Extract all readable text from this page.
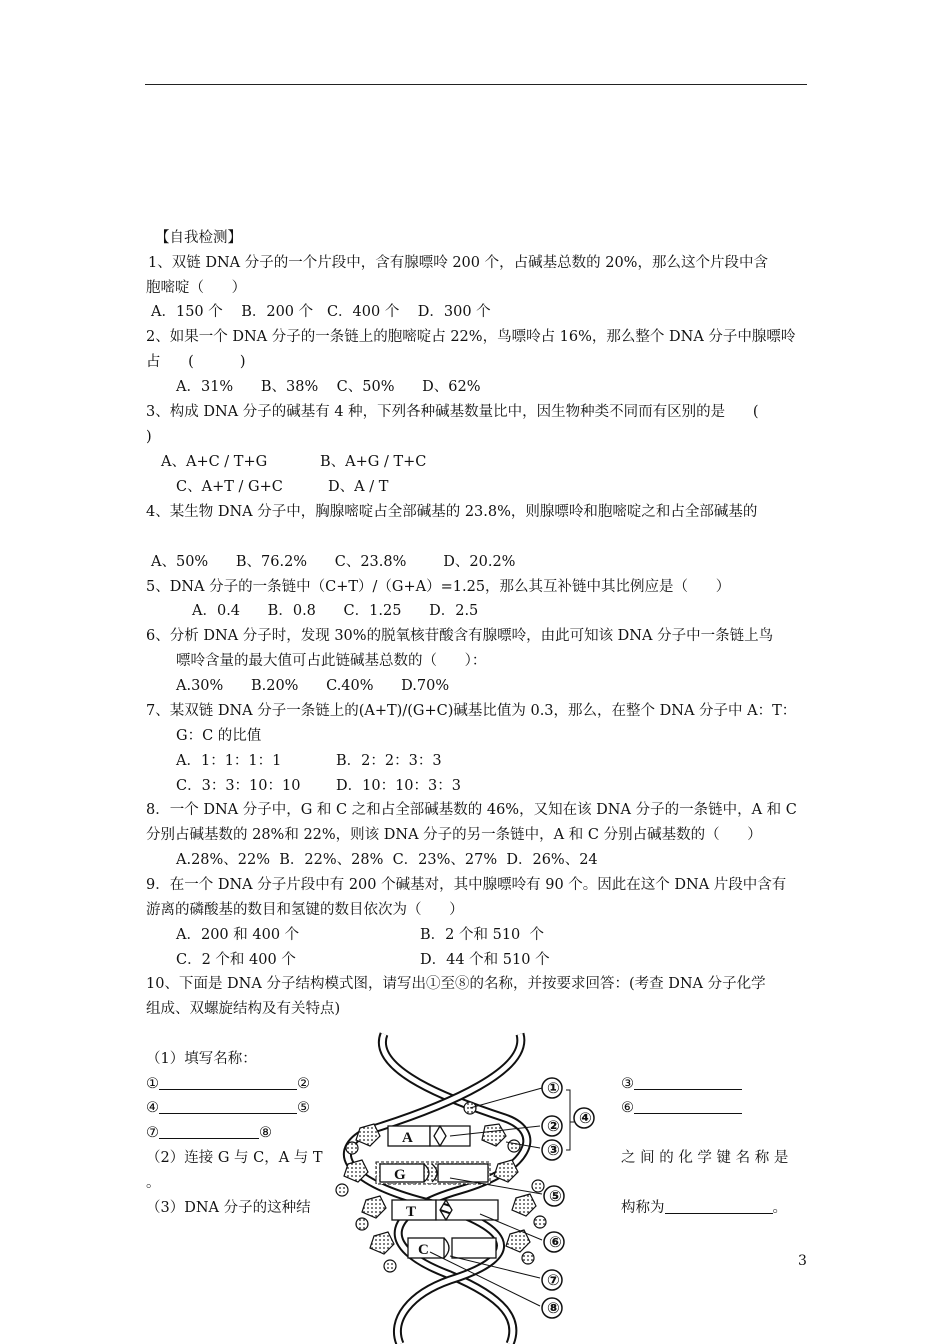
【自我检测】
1、双链 DNA 分子的一个片段中，含有腺嘌呤 200 个，占碱基总数的 20%，那么这个片段中含
胞嘧啶（      ）
A．150 个    B．200 个   C．400 个    D．300 个
2、如果一个 DNA 分子的一条链上的胞嘧啶占 22%，鸟嘌呤占 16%，那么整个 DNA 分子中腺嘌呤
占      (          )
A．31%      B、38%    C、50%      D、62%
3、构成 DNA 分子的碱基有 4 种，下列各种碱基数量比中，因生物种类不同而有区别的是      (
)
A、A+C / T+G	B、A+G / T+C
C、A+T / G+C	D、A / T
4、某生物 DNA 分子中，胸腺嘧啶占全部碱基的 23.8%，则腺嘌呤和胞嘧啶之和占全部碱基的
A、50%      B、76.2%      C、23.8%        D、20.2%
5、DNA 分子的一条链中（C+T）/（G+A）=1.25，那么其互补链中其比例应是（      ）
A．0.4      B．0.8      C．1.25      D．2.5
6、分析 DNA 分子时，发现 30%的脱氧核苷酸含有腺嘌呤，由此可知该 DNA 分子中一条链上鸟
嘌呤含量的最大值可占此链碱基总数的（      ）：
A.30%      B.20%      C.40%      D.70%
7、某双链 DNA 分子一条链上的(A+T)/(G+C)碱基比值为 0.3，那么，在整个 DNA 分子中 A：T：
G：C 的比值
A．1：1：1：1	B．2：2：3：3
C．3：3：10：10 D．10：10：3：3
8．一个 DNA 分子中，G 和 C 之和占全部碱基数的 46%，又知在该 DNA 分子的一条链中，A 和 C
分别占碱基数的 28%和 22%，则该 DNA 分子的另一条链中，A 和 C 分别占碱基数的（      ）
A.28%、22%  B．22%、28%  C．23%、27%  D．26%、24
9．在一个 DNA 分子片段中有 200 个碱基对，其中腺嘌呤有 90 个。因此在这个 DNA 片段中含有
游离的磷酸基的数目和氢键的数目依次为（      ）
A．200 和 400 个	B．2 个和 510  个
C．2 个和 400 个	D．44 个和 510 个
10、下面是 DNA 分子结构模式图，请写出①至⑧的名称，并按要求回答：(考查 DNA 分子化学
组成、双螺旋结构及有关特点)
（1）填写名称：
①	②
④	⑤
⑦	⑧
③
⑥
（2）连接 G 与 C，A 与 T	之 间 的 化 学 键 名 称 是
。
（3）DNA 分子的这种结	构称为	。
A
G
T
C
①
②
③
④
⑤
⑥
⑦
⑧
3
